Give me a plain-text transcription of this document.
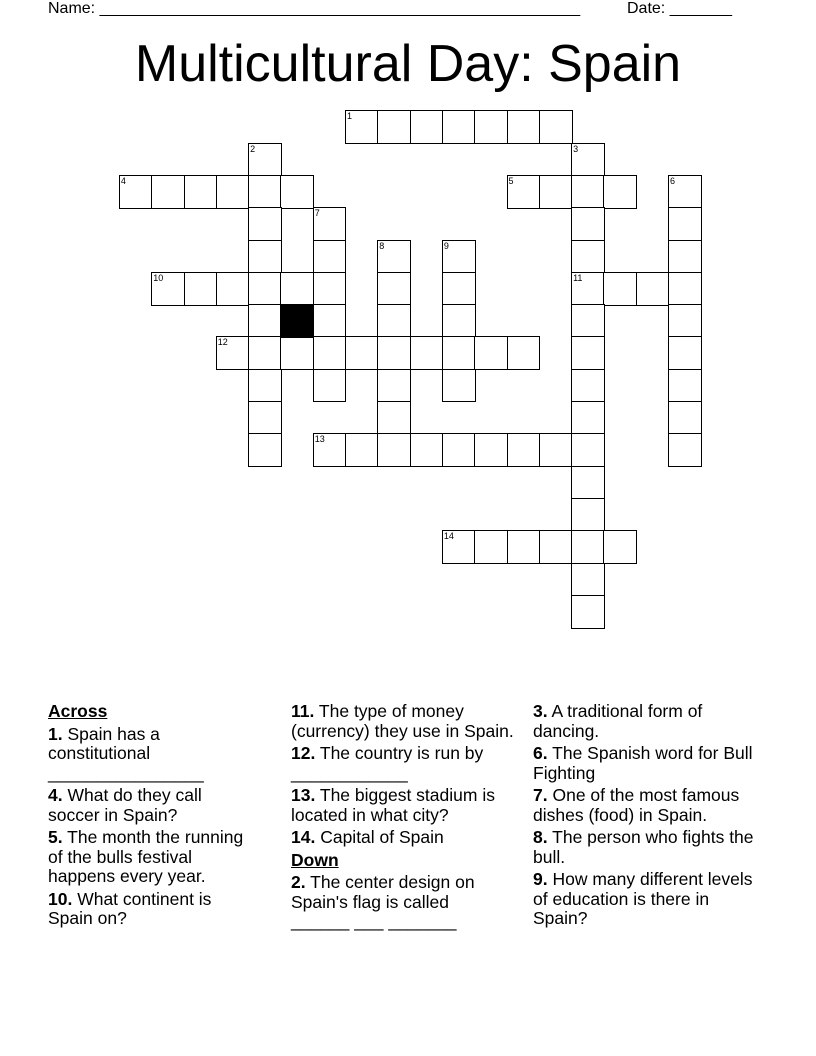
Name: ______________________________________________________	Date: _______
Multicultural Day: Spain
1
2	3
4	5	6
7
8	9
10	11
12
13
14
Across
1. Spain has a constitutional
________________
4. What do they call soccer in Spain?
5. The month the running of the bulls festival happens every year.
10. What continent is Spain on?
11. The type of money (currency) they use in Spain.
12. The country is run by
____________
13. The biggest stadium is located in what city?
14. Capital of Spain
Down
2. The center design on Spain's flag is called
______ ___ _______
3. A traditional form of dancing.
6. The Spanish word for Bull Fighting
7. One of the most famous dishes (food) in Spain.
8. The person who fights the bull.
9. How many different levels of education is there in Spain?
